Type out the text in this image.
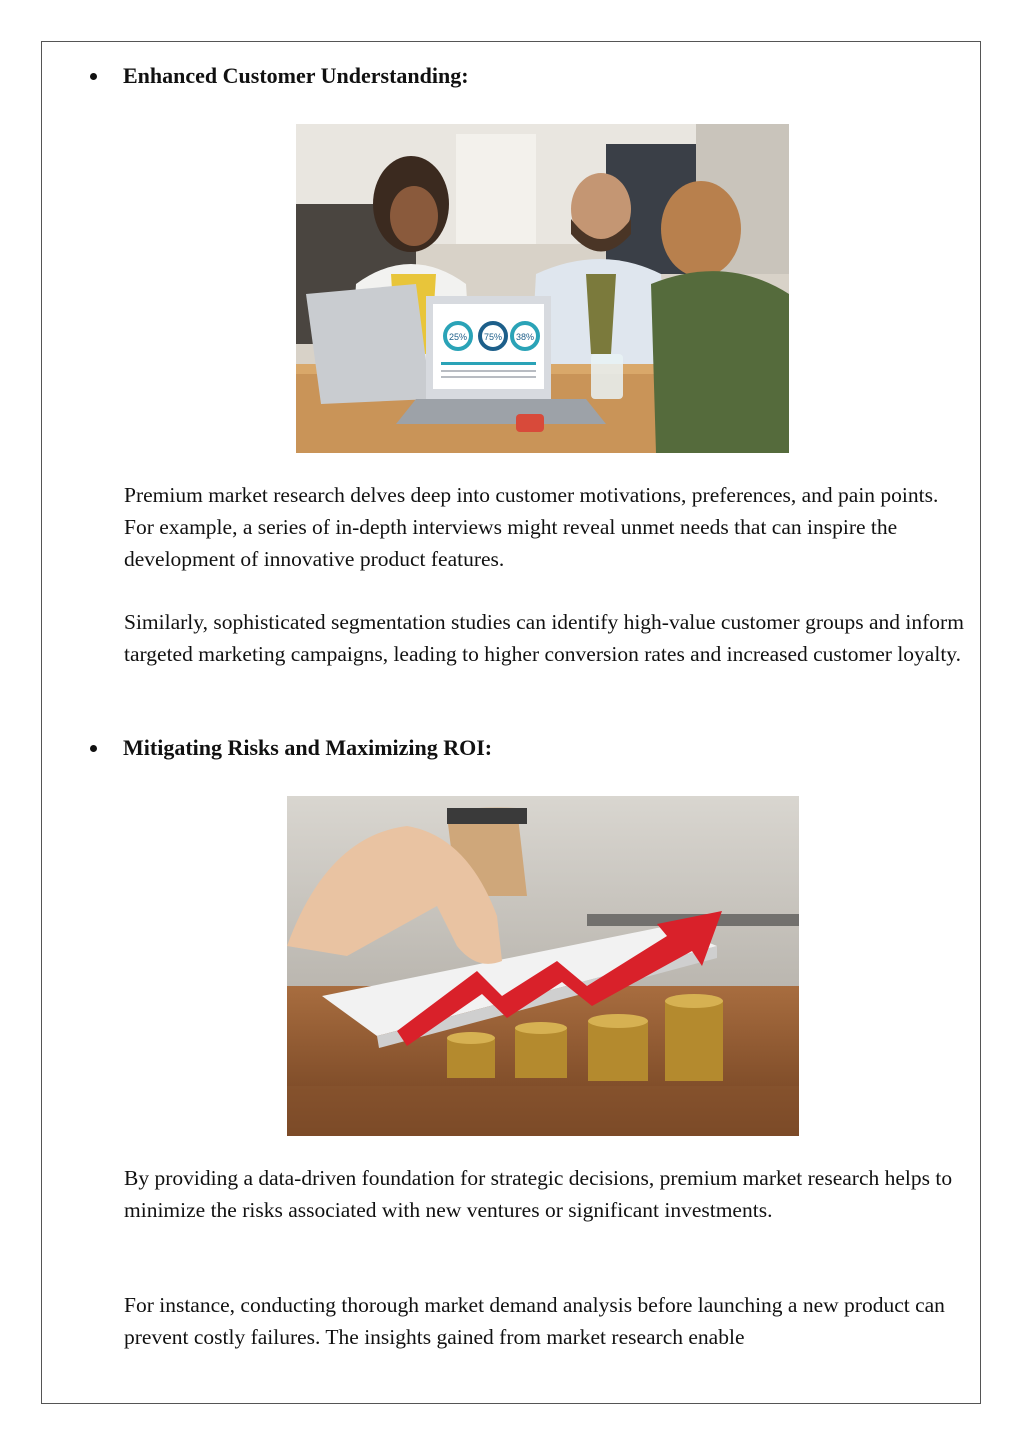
Enhanced Customer Understanding:
25% 75% 38%

Premium market research delves deep into customer motivations, preferences, and pain points. For example, a series of in-depth interviews might reveal unmet needs that can inspire the development of innovative product features.

Similarly, sophisticated segmentation studies can identify high-value customer groups and inform targeted marketing campaigns, leading to higher conversion rates and increased customer loyalty.

Mitigating Risks and Maximizing ROI:

By providing a data-driven foundation for strategic decisions, premium market research helps to minimize the risks associated with new ventures or significant investments.

For instance, conducting thorough market demand analysis before launching a new product can prevent costly failures. The insights gained from market research enable
